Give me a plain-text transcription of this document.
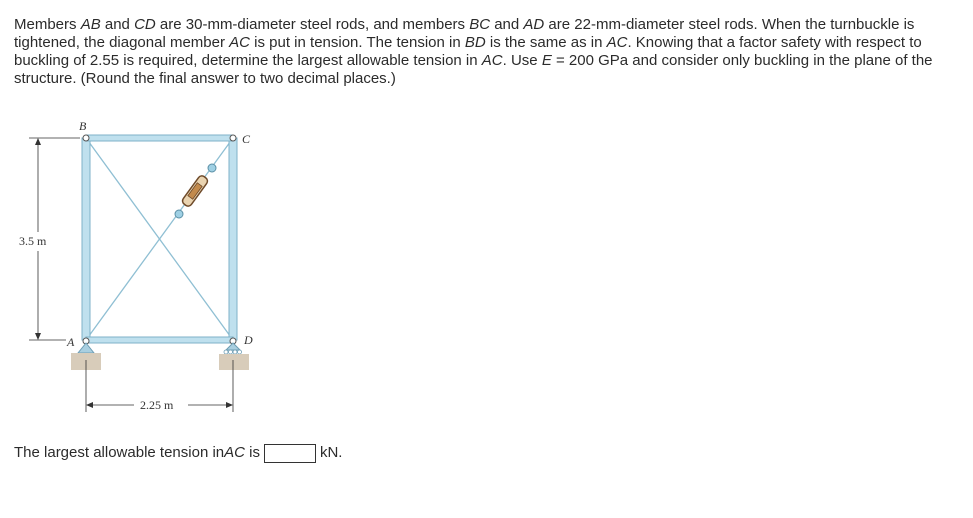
Members AB and CD are 30-mm-diameter steel rods, and members BC and AD are 22-mm-diameter steel rods. When the turnbuckle is tightened, the diagonal member AC is put in tension. The tension in BD is the same as in AC. Knowing that a factor safety with respect to buckling of 2.55 is required, determine the largest allowable tension in AC. Use E = 200 GPa and consider only buckling in the plane of the structure. (Round the final answer to two decimal places.)
3.5 m
2.25 m
B
C
A	D
The largest allowable tension in AC is	kN.
